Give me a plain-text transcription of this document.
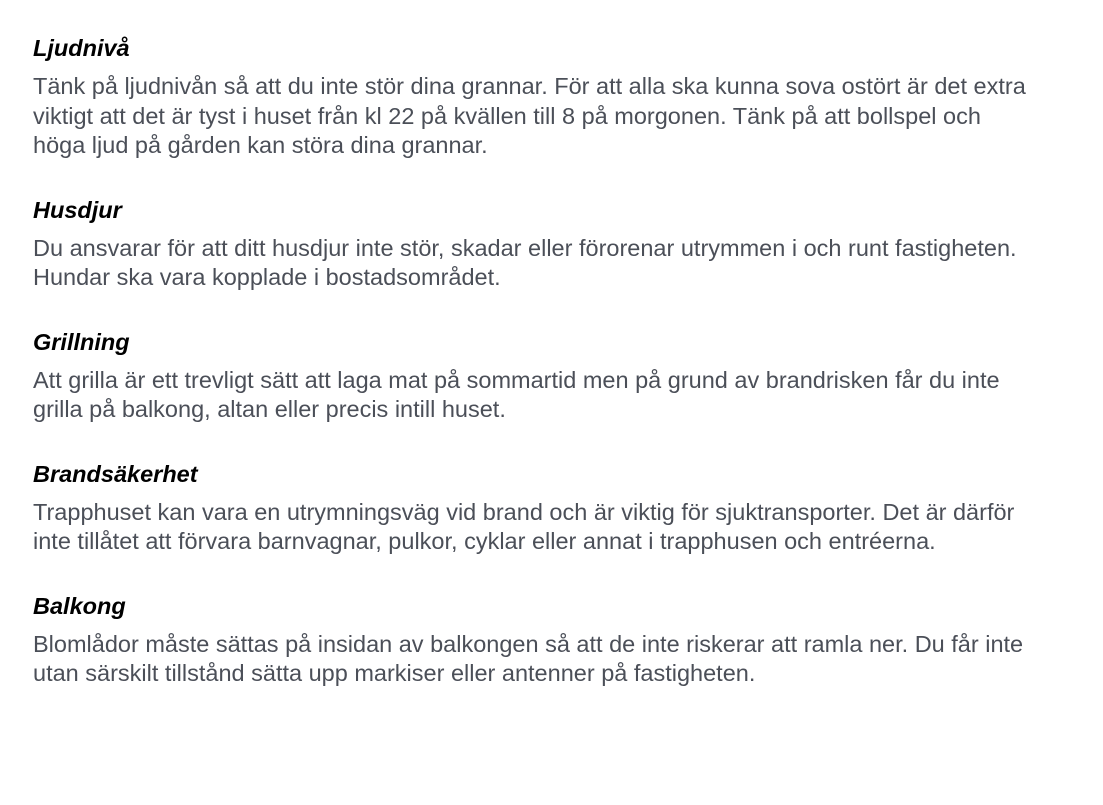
Ljudnivå

Tänk på ljudnivån så att du inte stör dina grannar. För att alla ska kunna sova ostört är det extra viktigt att det är tyst i huset från kl 22 på kvällen till 8 på morgonen. Tänk på att bollspel och höga ljud på gården kan störa dina grannar.

Husdjur

Du ansvarar för att ditt husdjur inte stör, skadar eller förorenar utrymmen i och runt fastigheten. Hundar ska vara kopplade i bostadsområdet.

Grillning

Att grilla är ett trevligt sätt att laga mat på sommartid men på grund av brandrisken får du inte grilla på balkong, altan eller precis intill huset.

Brandsäkerhet

Trapphuset kan vara en utrymningsväg vid brand och är viktig för sjuktransporter. Det är därför inte tillåtet att förvara barnvagnar, pulkor, cyklar eller annat i trapphusen och entréerna.

Balkong

Blomlådor måste sättas på insidan av balkongen så att de inte riskerar att ramla ner. Du får inte utan särskilt tillstånd sätta upp markiser eller antenner på fastigheten.
